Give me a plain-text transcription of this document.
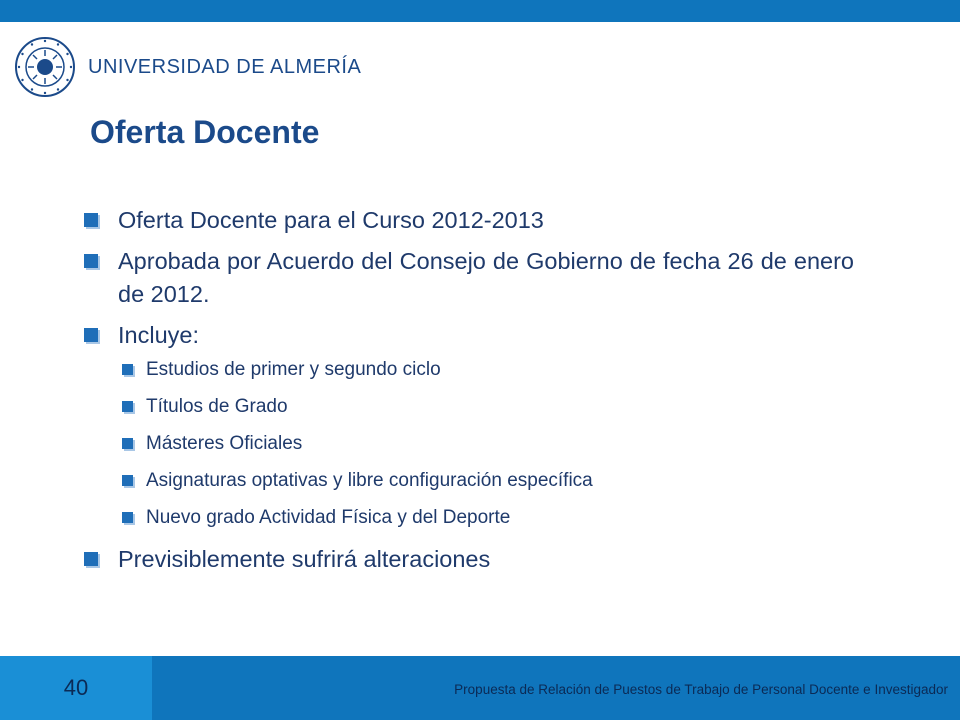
UNIVERSIDAD DE ALMERÍA
Oferta Docente
Oferta Docente para el Curso 2012-2013
Aprobada por Acuerdo del Consejo de Gobierno de fecha 26 de enero de 2012.
Incluye:
Estudios de primer y segundo ciclo
Títulos de Grado
Másteres Oficiales
Asignaturas optativas y libre configuración específica
Nuevo grado Actividad Física y del Deporte
Previsiblemente sufrirá alteraciones
40	Propuesta de Relación de Puestos de Trabajo de Personal Docente e Investigador
